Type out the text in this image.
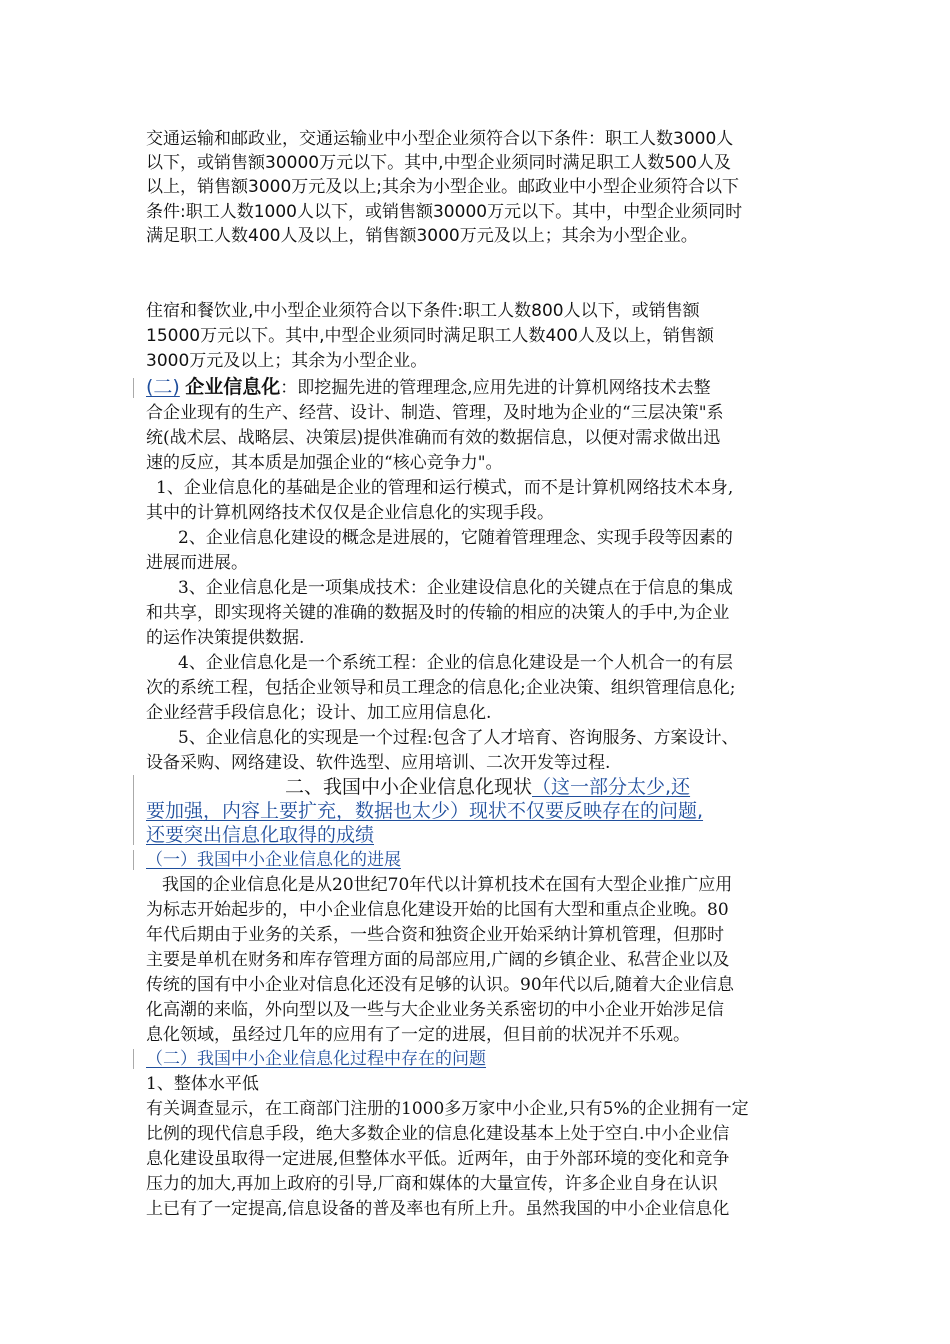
交通运输和邮政业，交通运输业中小型企业须符合以下条件：职工人数3000人
以下，或销售额30000万元以下。其中,中型企业须同时满足职工人数500人及
以上，销售额3000万元及以上;其余为小型企业。邮政业中小型企业须符合以下
条件:职工人数1000人以下，或销售额30000万元以下。其中，中型企业须同时
满足职工人数400人及以上，销售额3000万元及以上；其余为小型企业。
住宿和餐饮业,中小型企业须符合以下条件:职工人数800人以下，或销售额
15000万元以下。其中,中型企业须同时满足职工人数400人及以上，销售额
3000万元及以上；其余为小型企业。
(二) 企业信息化：即挖掘先进的管理理念,应用先进的计算机网络技术去整
合企业现有的生产、经营、设计、制造、管理，及时地为企业的“三层决策"系
统(战术层、战略层、决策层)提供准确而有效的数据信息，以便对需求做出迅
速的反应，其本质是加强企业的“核心竞争力"。
1、企业信息化的基础是企业的管理和运行模式，而不是计算机网络技术本身,
其中的计算机网络技术仅仅是企业信息化的实现手段。
2、企业信息化建设的概念是进展的，它随着管理理念、实现手段等因素的
进展而进展。
3、企业信息化是一项集成技术：企业建设信息化的关键点在于信息的集成
和共享，即实现将关键的准确的数据及时的传输的相应的决策人的手中,为企业
的运作决策提供数据.
4、企业信息化是一个系统工程：企业的信息化建设是一个人机合一的有层
次的系统工程，包括企业领导和员工理念的信息化;企业决策、组织管理信息化;
企业经营手段信息化；设计、加工应用信息化.
5、企业信息化的实现是一个过程:包含了人才培育、咨询服务、方案设计、
设备采购、网络建设、软件选型、应用培训、二次开发等过程.
二、我国中小企业信息化现状（这一部分太少,还
要加强，内容上要扩充，数据也太少）现状不仅要反映存在的问题,
还要突出信息化取得的成绩
（一）我国中小企业信息化的进展
我国的企业信息化是从20世纪70年代以计算机技术在国有大型企业推广应用
为标志开始起步的，中小企业信息化建设开始的比国有大型和重点企业晚。80
年代后期由于业务的关系，一些合资和独资企业开始采纳计算机管理，但那时
主要是单机在财务和库存管理方面的局部应用,广阔的乡镇企业、私营企业以及
传统的国有中小企业对信息化还没有足够的认识。90年代以后,随着大企业信息
化高潮的来临，外向型以及一些与大企业业务关系密切的中小企业开始涉足信
息化领域，虽经过几年的应用有了一定的进展，但目前的状况并不乐观。
（二）我国中小企业信息化过程中存在的问题
1、整体水平低
有关调查显示，在工商部门注册的1000多万家中小企业,只有5%的企业拥有一定
比例的现代信息手段，绝大多数企业的信息化建设基本上处于空白.中小企业信
息化建设虽取得一定进展,但整体水平低。近两年，由于外部环境的变化和竞争
压力的加大,再加上政府的引导,厂商和媒体的大量宣传，许多企业自身在认识
上已有了一定提高,信息设备的普及率也有所上升。虽然我国的中小企业信息化
